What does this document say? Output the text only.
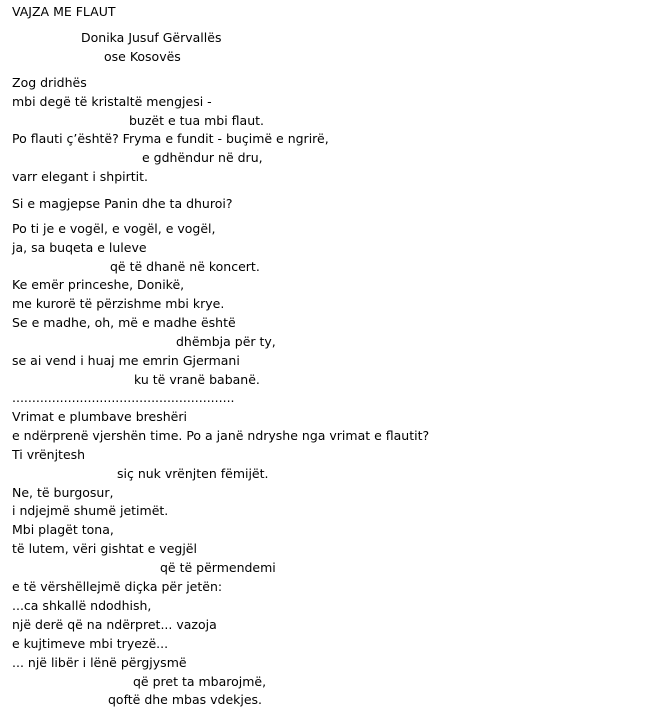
VAJZA ME FLAUT
Donika Jusuf Gërvallës
ose Kosovës
Zog dridhës
mbi degë të kristaltë mengjesi -
buzët e tua mbi flaut.
Po flauti ç’është? Fryma e fundit - buçimë e ngrirë,
e gdhëndur në dru,
varr elegant i shpirtit.
Si e magjepse Panin dhe ta dhuroi?
Po ti je e vogël, e vogël, e vogël,
ja, sa buqeta e luleve
që të dhanë në koncert.
Ke emër princeshe, Donikë,
me kurorë të përzishme mbi krye.
Se e madhe, oh, më e madhe është
dhëmbja për ty,
se ai vend i huaj me emrin Gjermani
ku të vranë babanë.
........................................................
Vrimat e plumbave breshëri
e ndërprenë vjershën time. Po a janë ndryshe nga vrimat e flautit?
Ti vrënjtesh
siç nuk vrënjten fëmijët.
Ne, të burgosur,
i ndjejmë shumë jetimët.
Mbi plagët tona,
të lutem, vëri gishtat e vegjël
që të përmendemi
e të vërshëllejmë diçka për jetën:
...ca shkallë ndodhish,
një derë që na ndërpret... vazoja
e kujtimeve mbi tryezë...
... një libër i lënë përgjysmë
që pret ta mbarojmë,
qoftë dhe mbas vdekjes.
